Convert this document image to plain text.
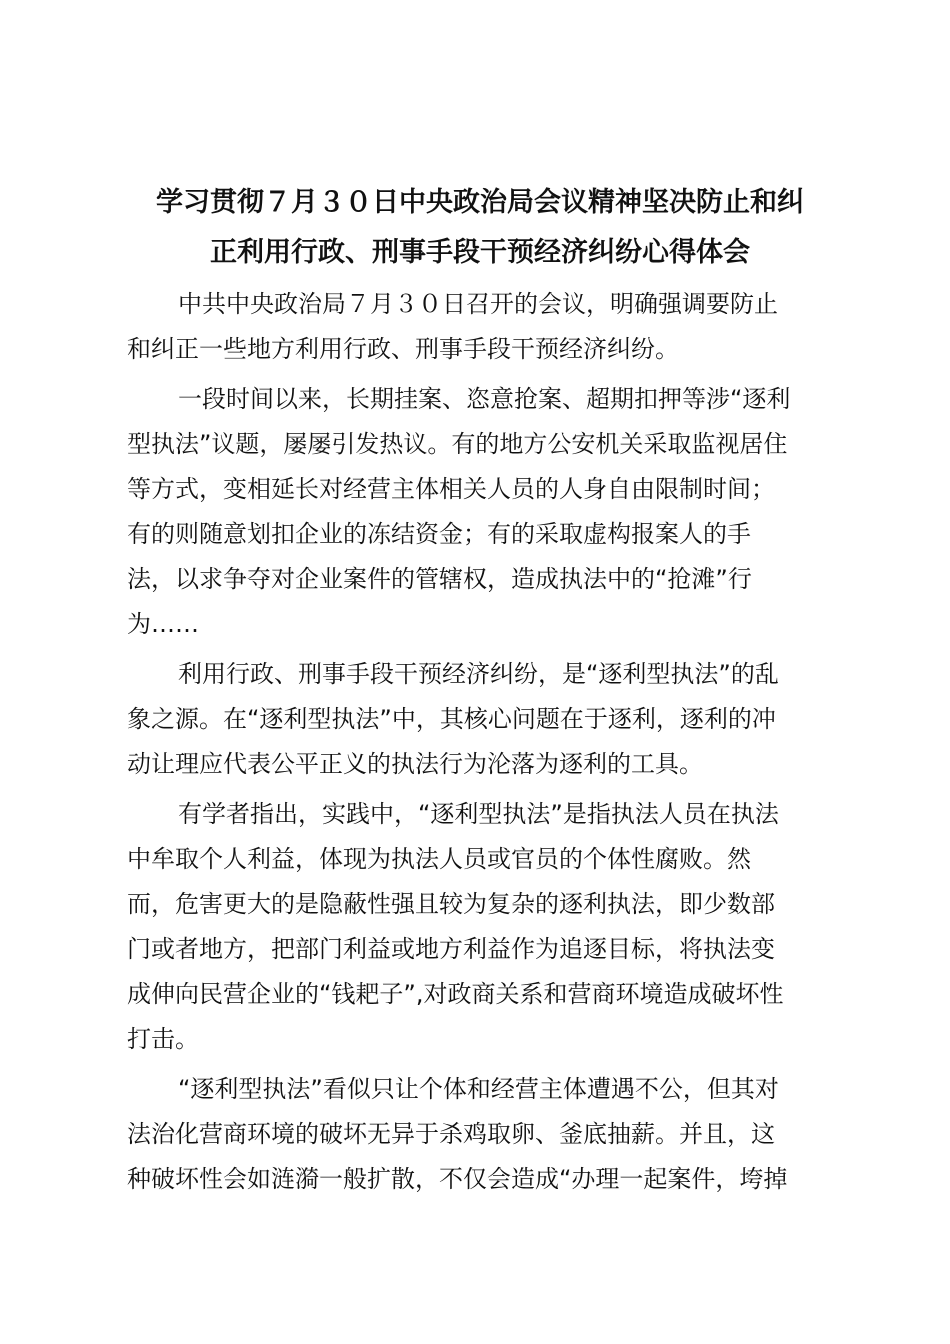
学习贯彻７月３０日中央政治局会议精神坚决防止和纠
正利用行政、刑事手段干预经济纠纷心得体会
中共中央政治局７月３０日召开的会议，明确强调要防止
和纠正一些地方利用行政、刑事手段干预经济纠纷。
一段时间以来，长期挂案、恣意抢案、超期扣押等涉“逐利
型执法”议题，屡屡引发热议。有的地方公安机关采取监视居住
等方式，变相延长对经营主体相关人员的人身自由限制时间；
有的则随意划扣企业的冻结资金；有的采取虚构报案人的手
法，以求争夺对企业案件的管辖权，造成执法中的“抢滩”行
为……
利用行政、刑事手段干预经济纠纷，是“逐利型执法”的乱
象之源。在“逐利型执法”中，其核心问题在于逐利，逐利的冲
动让理应代表公平正义的执法行为沦落为逐利的工具。
有学者指出，实践中，“逐利型执法”是指执法人员在执法
中牟取个人利益，体现为执法人员或官员的个体性腐败。然
而，危害更大的是隐蔽性强且较为复杂的逐利执法，即少数部
门或者地方，把部门利益或地方利益作为追逐目标，将执法变
成伸向民营企业的“钱耙子”,对政商关系和营商环境造成破坏性
打击。
“逐利型执法”看似只让个体和经营主体遭遇不公，但其对
法治化营商环境的破坏无异于杀鸡取卵、釜底抽薪。并且，这
种破坏性会如涟漪一般扩散，不仅会造成“办理一起案件，垮掉
